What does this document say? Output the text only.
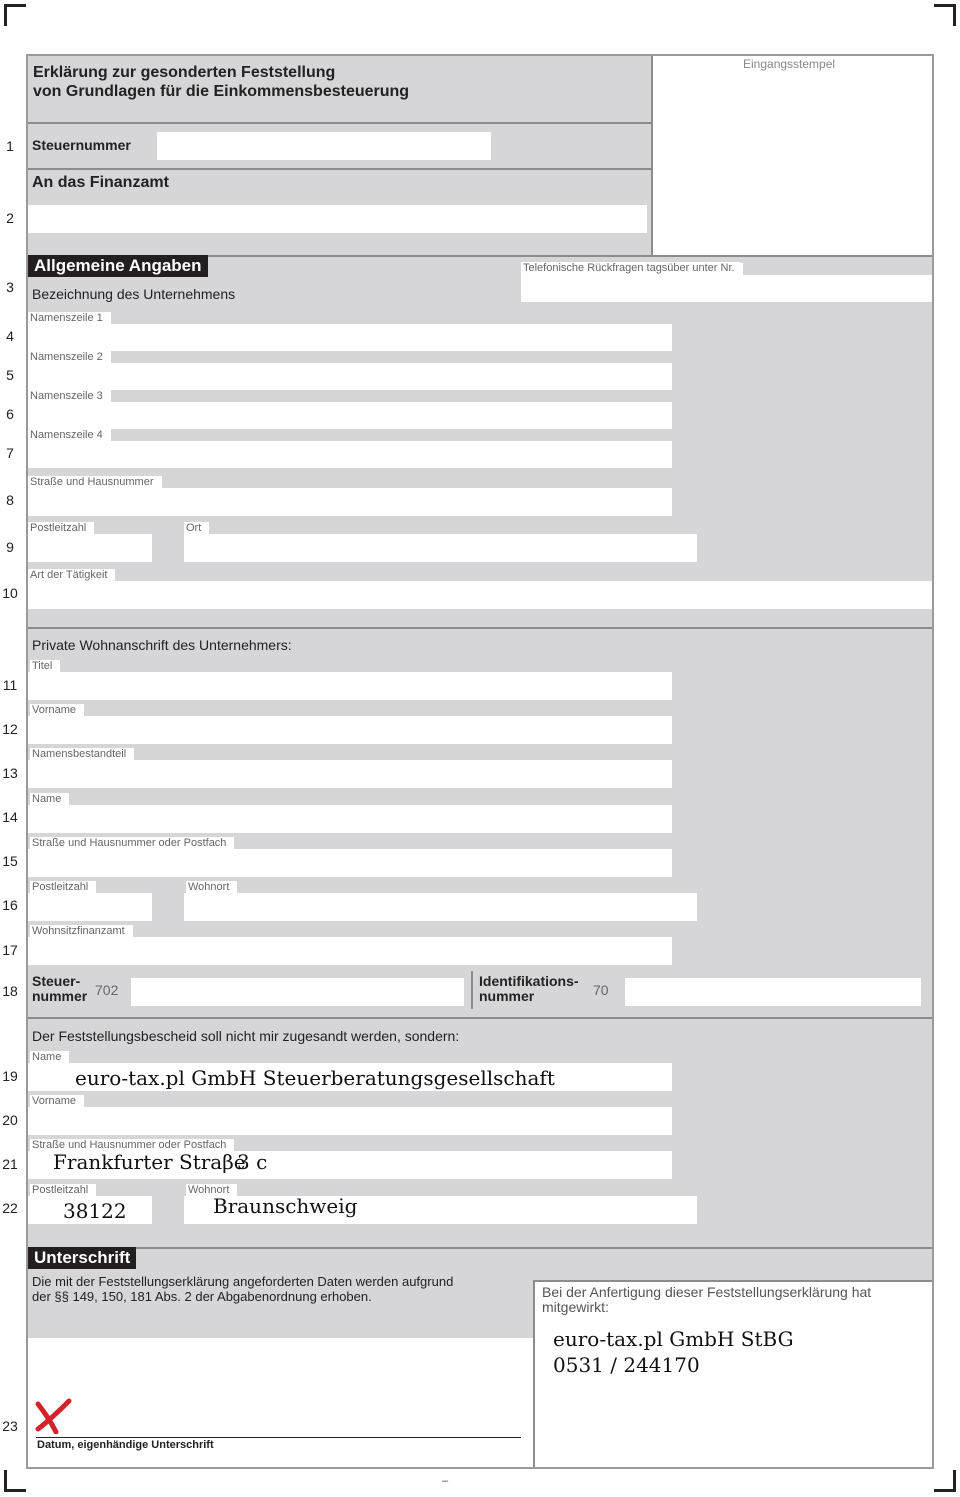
Erklärung zur gesonderten Feststellung
von Grundlagen für die Einkommensbesteuerung
Eingangsstempel
Steuernummer
An das Finanzamt
Allgemeine Angaben
Bezeichnung des Unternehmens
Telefonische Rückfragen tagsüber unter Nr.
Namenszeile 1
Namenszeile 2
Namenszeile 3
Namenszeile 4
Straße und Hausnummer
Postleitzahl	Ort
Art der Tätigkeit
Private Wohnanschrift des Unternehmers:
Titel
Vorname
Namensbestandteil
Name
Straße und Hausnummer oder Postfach
Postleitzahl	Wohnort
Wohnsitzfinanzamt
Steuer-
nummer 702
Identifikations-
nummer	70
Der Feststellungsbescheid soll nicht mir zugesandt werden, sondern:
Name
euro-tax.pl GmbH Steuerberatungsgesellschaft
Vorname
Straße und Hausnummer oder Postfach
Frankfurter Straβe
3 c
Postleitzahl
38122
Wohnort
Braunschweig
Unterschrift
Die mit der Feststellungserklärung angeforderten Daten werden aufgrund
der §§ 149, 150, 181 Abs. 2 der Abgabenordnung erhoben.	Bei der Anfertigung dieser Feststellungserklärung hat
mitgewirkt:
euro-tax.pl GmbH StBG
0531 / 244170
Datum, eigenhändige Unterschrift
–
1
2
3
4
5
6
7
8
9
10
11
12
13
14
15
16
17
18
19
20
21
22
23
